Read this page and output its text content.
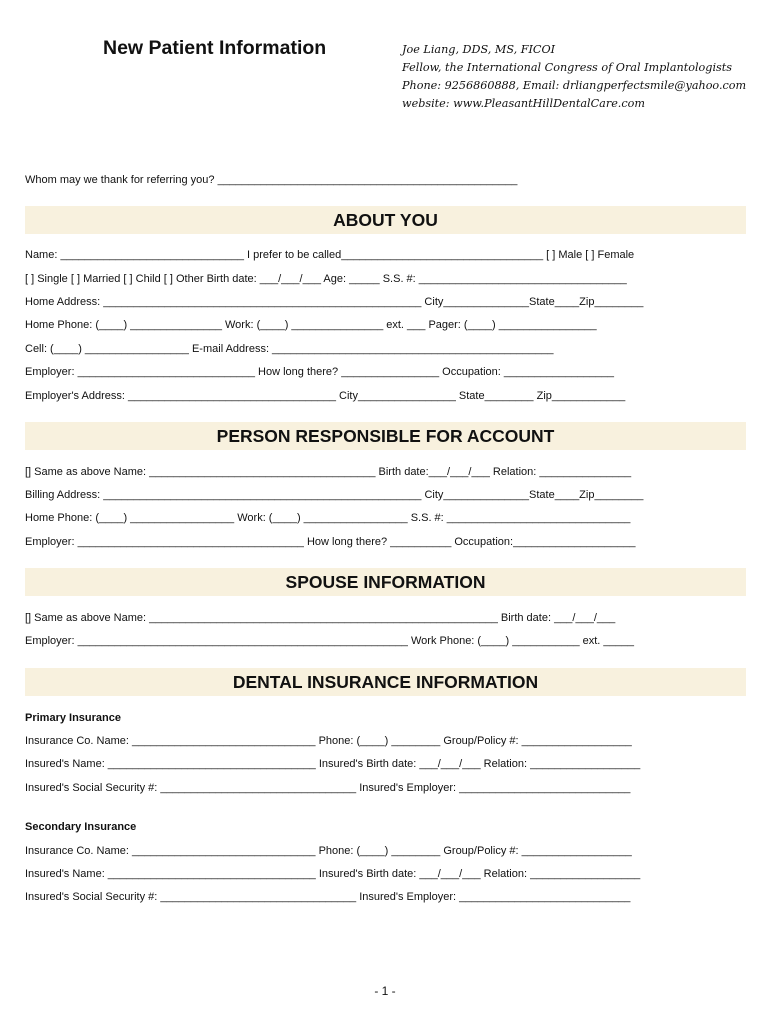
New Patient Information	Joe Liang, DDS, MS, FICOI
Fellow, the International Congress of Oral Implantologists
Phone: 9256860888, Email: drliangperfectsmile@yahoo.com
website: www.PleasantHillDentalCare.com
Whom may we thank for referring you? _________________________________________________
ABOUT YOU
Name: ______________________________ I prefer to be called_________________________________ [ ] Male [ ] Female
[ ] Single [ ] Married [ ] Child [ ] Other Birth date: ___/___/___ Age: _____ S.S. #: __________________________________
Home Address: ____________________________________________________ City______________State____Zip________
Home Phone: (____) _______________ Work: (____) _______________ ext. ___ Pager: (____) ________________
Cell: (____) _________________ E-mail Address: ______________________________________________
Employer: _____________________________ How long there? ________________ Occupation: __________________
Employer's Address: __________________________________ City________________ State________ Zip____________
PERSON RESPONSIBLE FOR ACCOUNT
[] Same as above Name: _____________________________________ Birth date:___/___/___ Relation: _______________
Billing Address: ____________________________________________________ City______________State____Zip________
Home Phone: (____) _________________ Work: (____) _________________ S.S. #: ______________________________
Employer: _____________________________________ How long there? __________ Occupation:____________________
SPOUSE INFORMATION
[] Same as above Name: _________________________________________________________ Birth date: ___/___/___
Employer: ______________________________________________________ Work Phone: (____) ___________ ext. _____
DENTAL INSURANCE INFORMATION
Primary Insurance
Insurance Co. Name: ______________________________ Phone: (____) ________ Group/Policy #: __________________
Insured's Name: __________________________________ Insured's Birth date: ___/___/___ Relation: __________________
Insured's Social Security #: ________________________________ Insured's Employer: ____________________________
Secondary Insurance
Insurance Co. Name: ______________________________ Phone: (____) ________ Group/Policy #: __________________
Insured's Name: __________________________________ Insured's Birth date: ___/___/___ Relation: __________________
Insured's Social Security #: ________________________________ Insured's Employer: ____________________________
- 1 -
